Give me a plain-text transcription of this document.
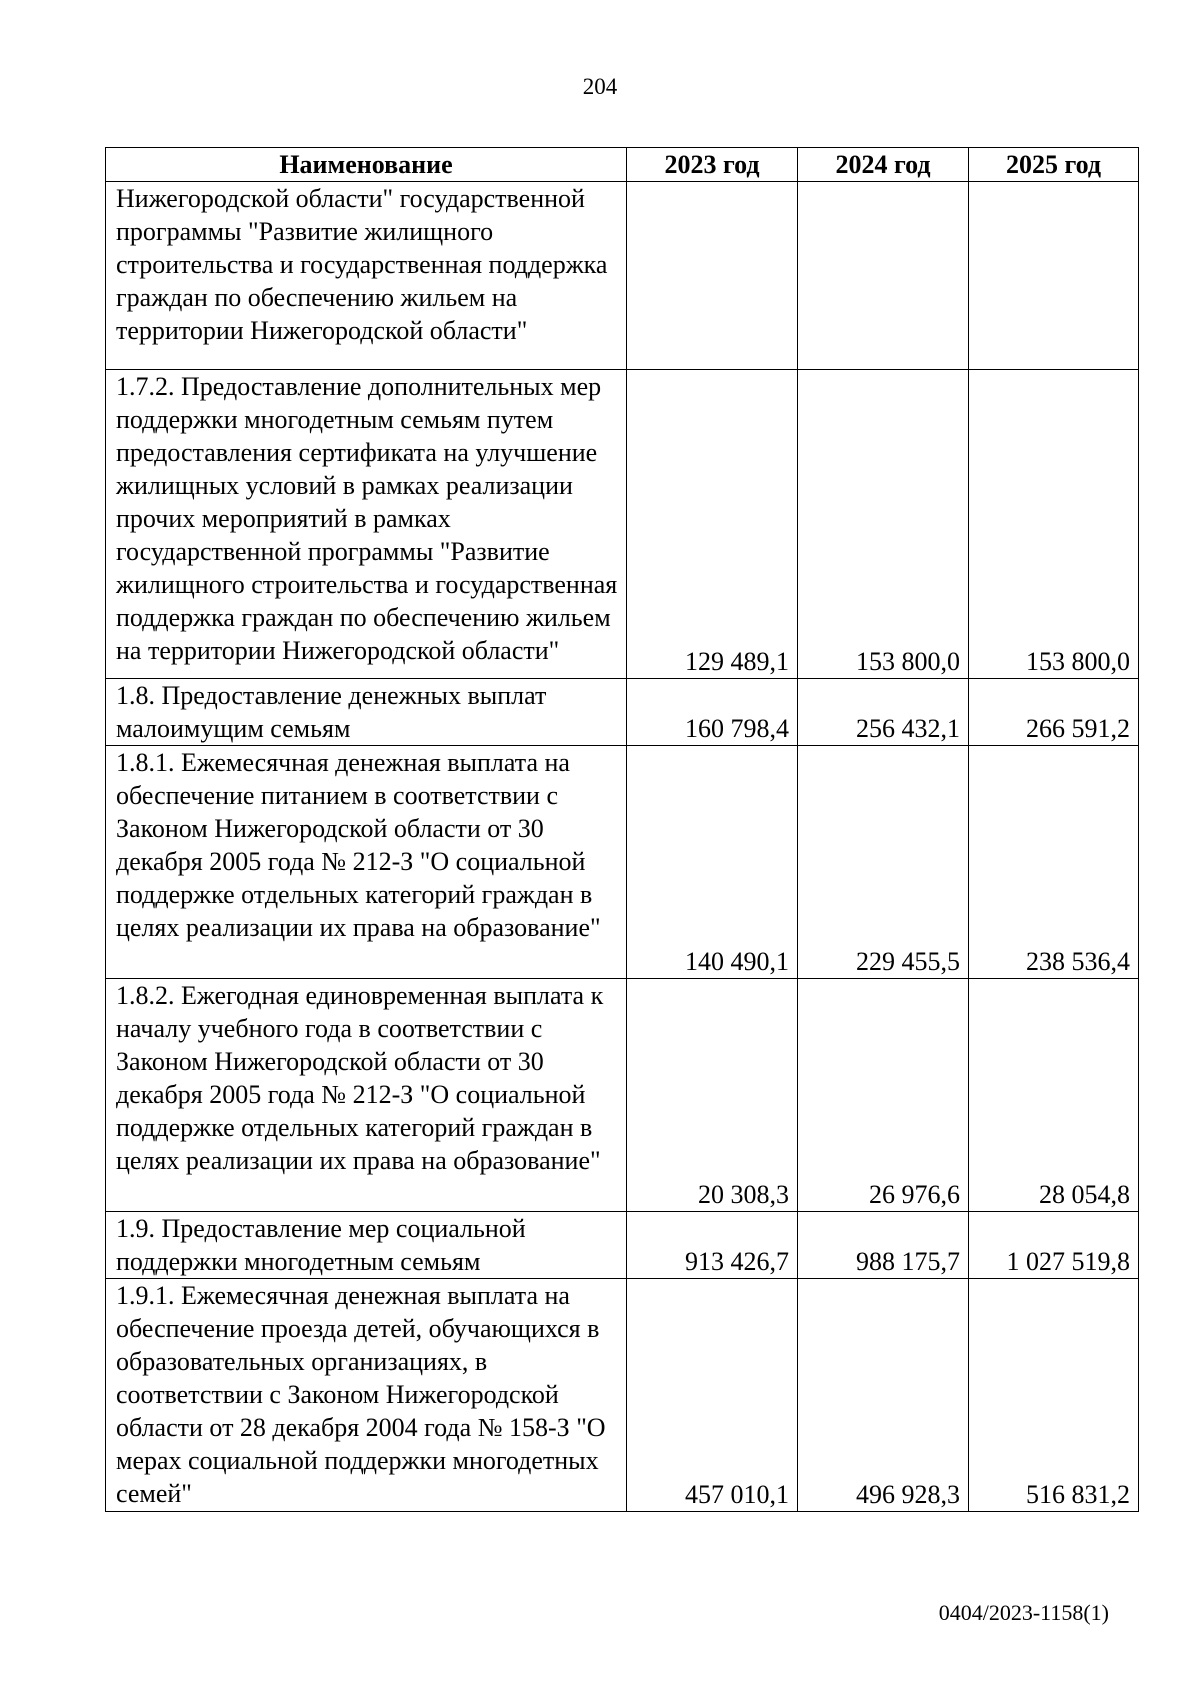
204
Наименование	2023 год	2024 год	2025 год
Нижегородской области" государственной программы "Развитие жилищного строительства и государственная поддержка граждан по обеспечению жильем на территории Нижегородской области"			
1.7.2. Предоставление дополнительных мер поддержки многодетным семьям путем предоставления сертификата на улучшение жилищных условий в рамках реализации прочих мероприятий в рамках государственной программы "Развитие жилищного строительства и государственная поддержка граждан по обеспечению жильем на территории Нижегородской области"	129 489,1	153 800,0	153 800,0
1.8. Предоставление денежных выплат малоимущим семьям	160 798,4	256 432,1	266 591,2
1.8.1. Ежемесячная денежная выплата на обеспечение питанием в соответствии с Законом Нижегородской области от 30 декабря 2005 года № 212-З "О социальной поддержке отдельных категорий граждан в целях реализации их права на образование"	140 490,1	229 455,5	238 536,4
1.8.2. Ежегодная единовременная выплата к началу учебного года в соответствии с Законом Нижегородской области от 30 декабря 2005 года № 212-З "О социальной поддержке отдельных категорий граждан в целях реализации их права на образование"	20 308,3	26 976,6	28 054,8
1.9. Предоставление мер социальной поддержки многодетным семьям	913 426,7	988 175,7	1 027 519,8
1.9.1. Ежемесячная денежная выплата на обеспечение проезда детей, обучающихся в образовательных организациях, в соответствии с Законом Нижегородской области от 28 декабря 2004 года № 158-З "О мерах социальной поддержки многодетных семей"	457 010,1	496 928,3	516 831,2
0404/2023-1158(1)
